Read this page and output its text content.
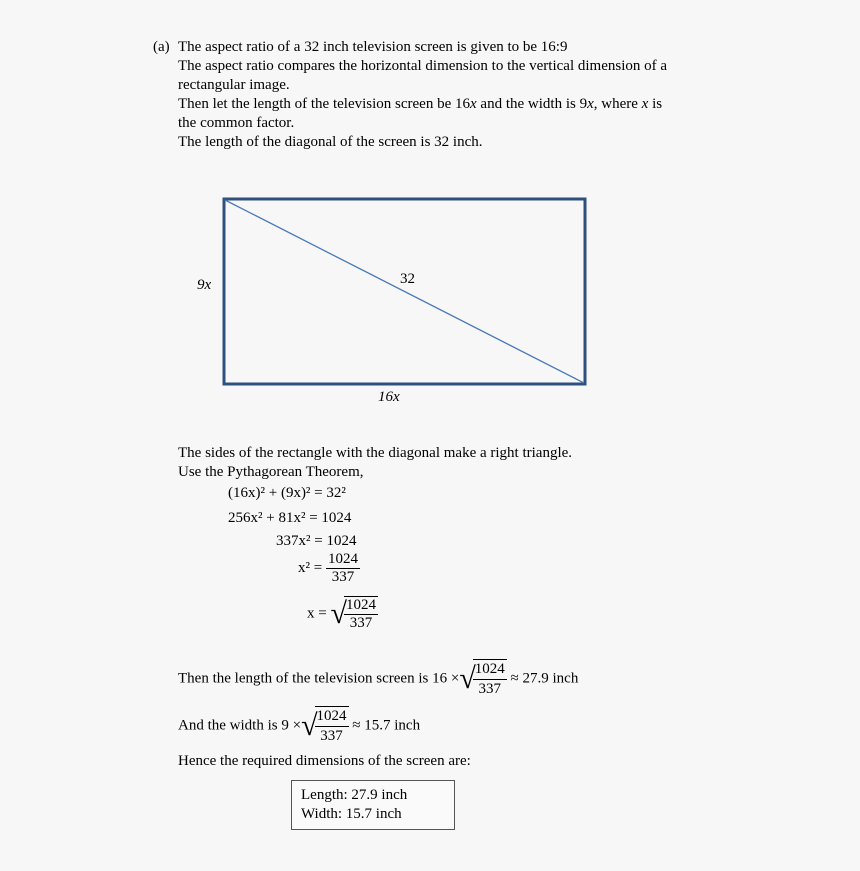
(a) The aspect ratio of a 32 inch television screen is given to be 16:9
The aspect ratio compares the horizontal dimension to the vertical dimension of a
rectangular image.
Then let the length of the television screen be 16x and the width is 9x, where x is
the common factor.
The length of the diagonal of the screen is 32 inch.
9x	32
16x
The sides of the rectangle with the diagonal make a right triangle.
Use the Pythagorean Theorem,
(16x)² + (9x)² = 32²
256x² + 81x² = 1024
337x² = 1024
$x^2 = \frac{1024}{337}$
x = √
$\frac{1024}{337}$
Then the length of the television screen is 16 ×√
$\frac{1024}{337} \approx 27.9$ inch
And the width is 9 ×√
$\frac{1024}{337} \approx 15.7$ inch
Hence the required dimensions of the screen are:
Length: 27.9 inch
Width: 15.7 inch
